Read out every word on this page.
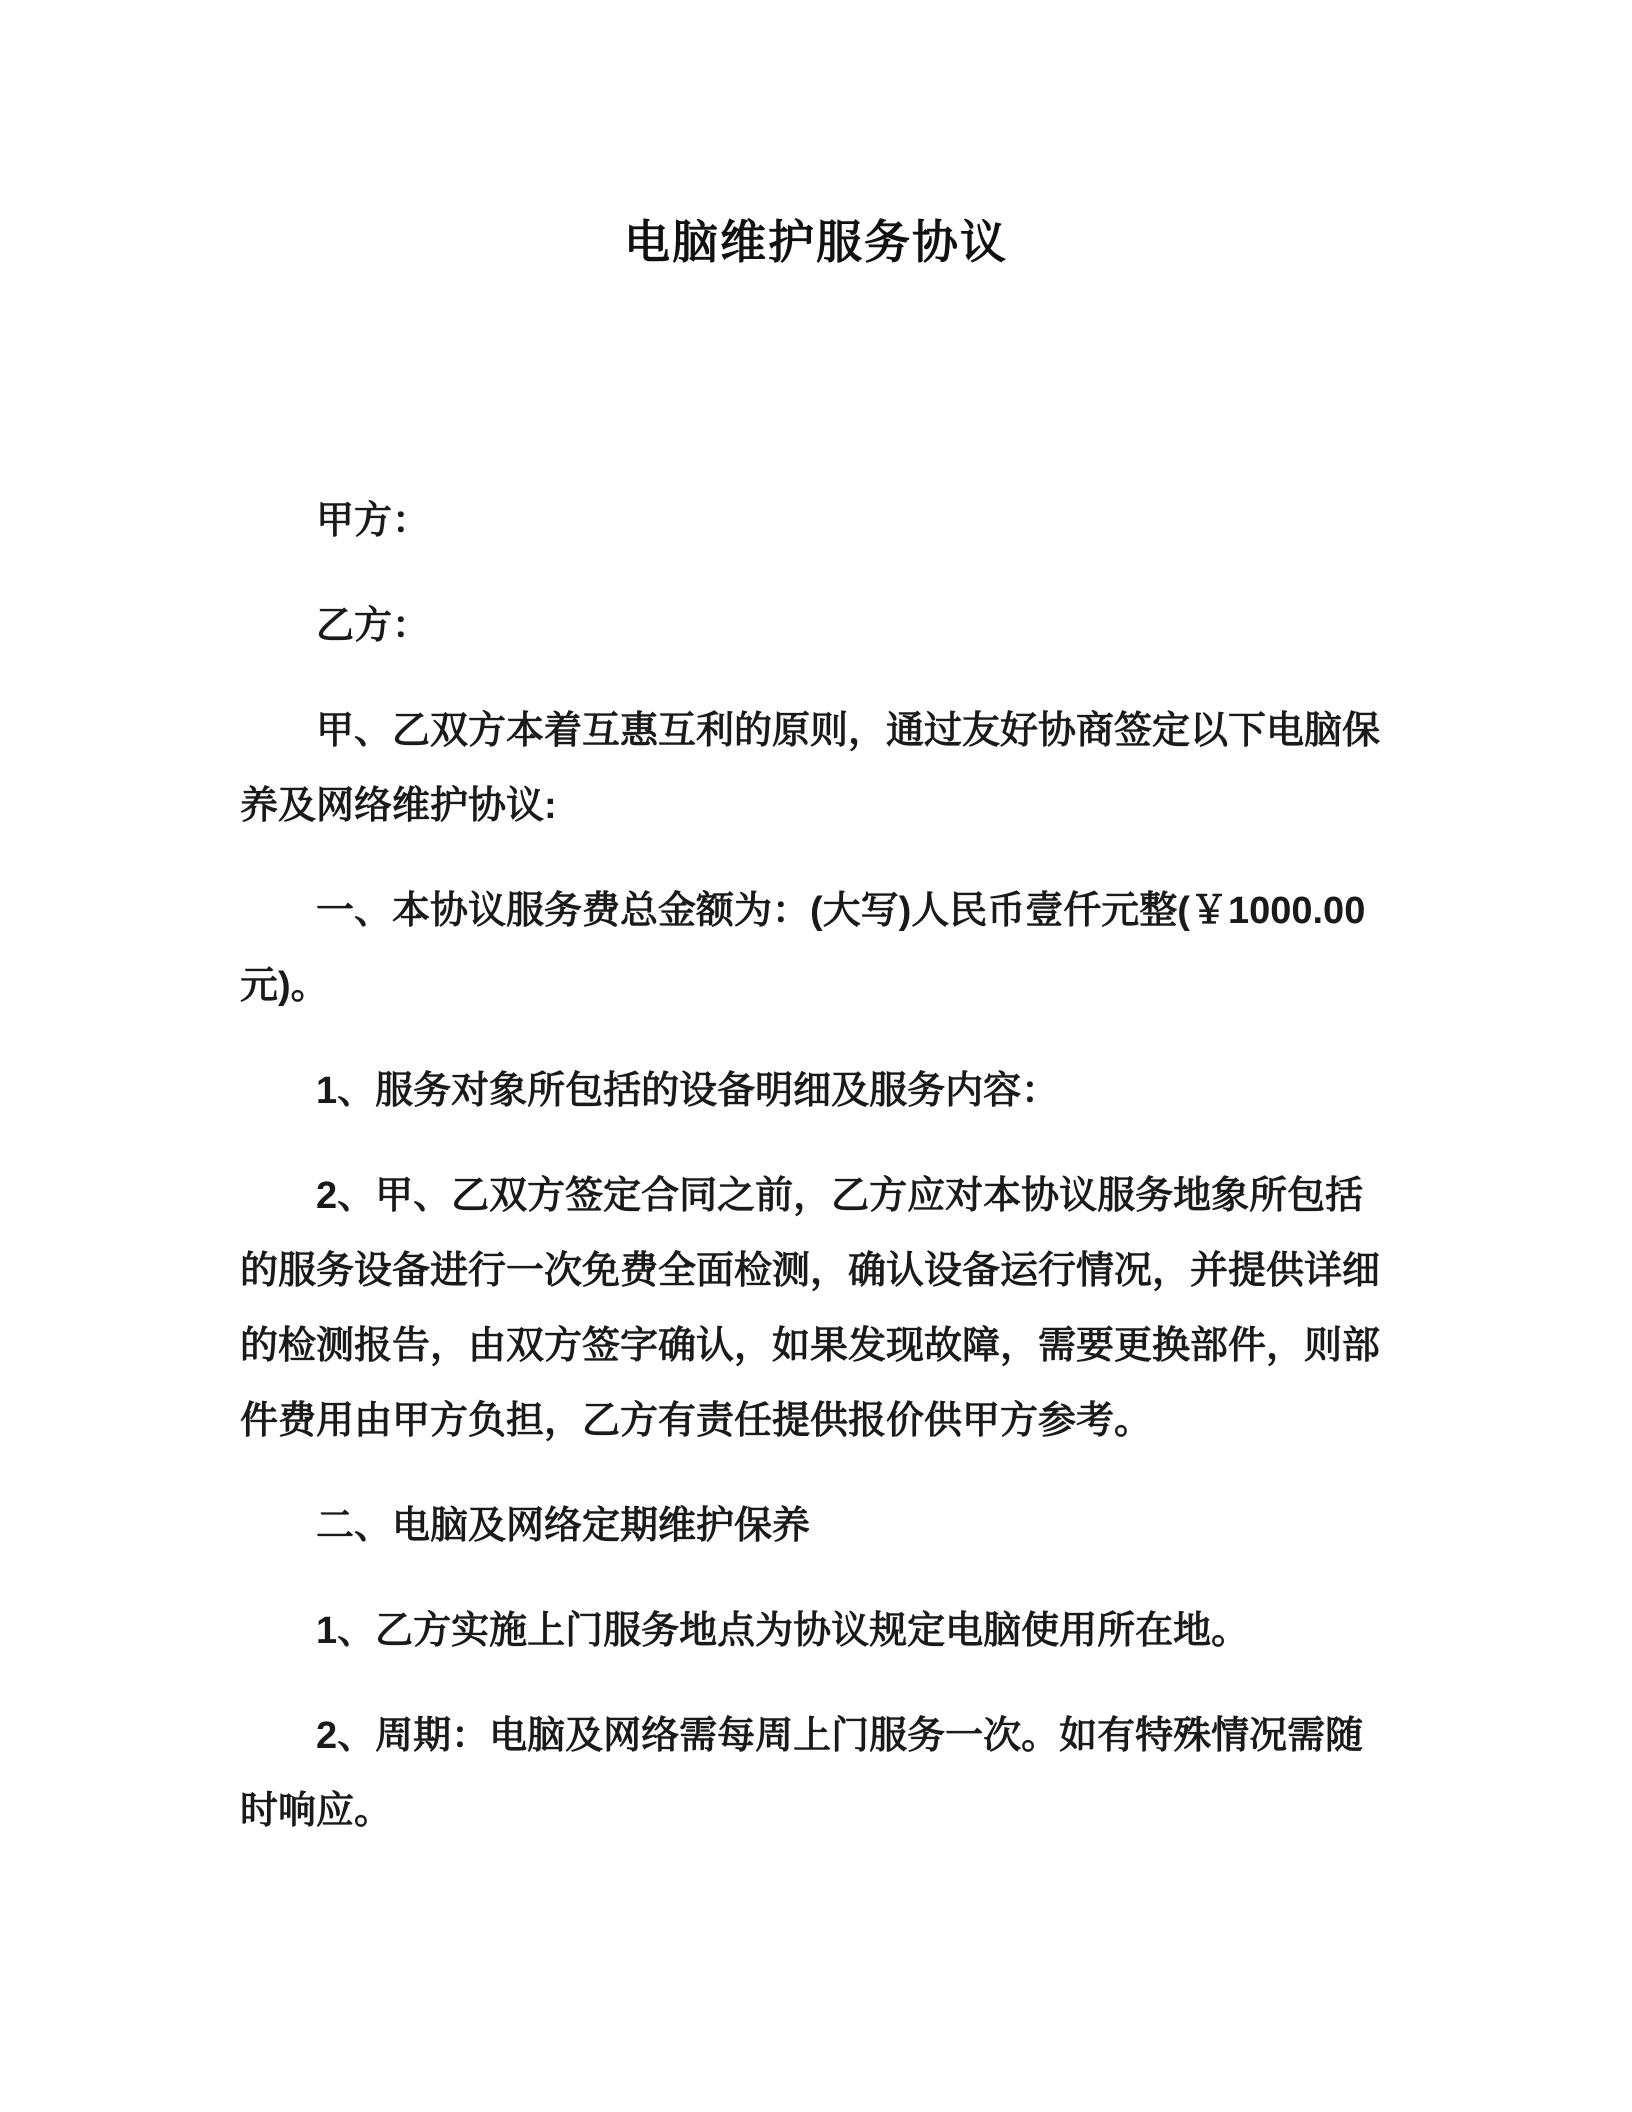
电脑维护服务协议

甲方：

乙方：

甲、乙双方本着互惠互利的原则，通过友好协商签定以下电脑保养及网络维护协议:

一、本协议服务费总金额为：(大写)人民币壹仟元整(￥1000.00元)。

1、服务对象所包括的设备明细及服务内容：

2、甲、乙双方签定合同之前，乙方应对本协议服务地象所包括的服务设备进行一次免费全面检测，确认设备运行情况，并提供详细的检测报告，由双方签字确认，如果发现故障，需要更换部件，则部件费用由甲方负担，乙方有责任提供报价供甲方参考。

二、电脑及网络定期维护保养

1、乙方实施上门服务地点为协议规定电脑使用所在地。

2、周期：电脑及网络需每周上门服务一次。如有特殊情况需随时响应。
